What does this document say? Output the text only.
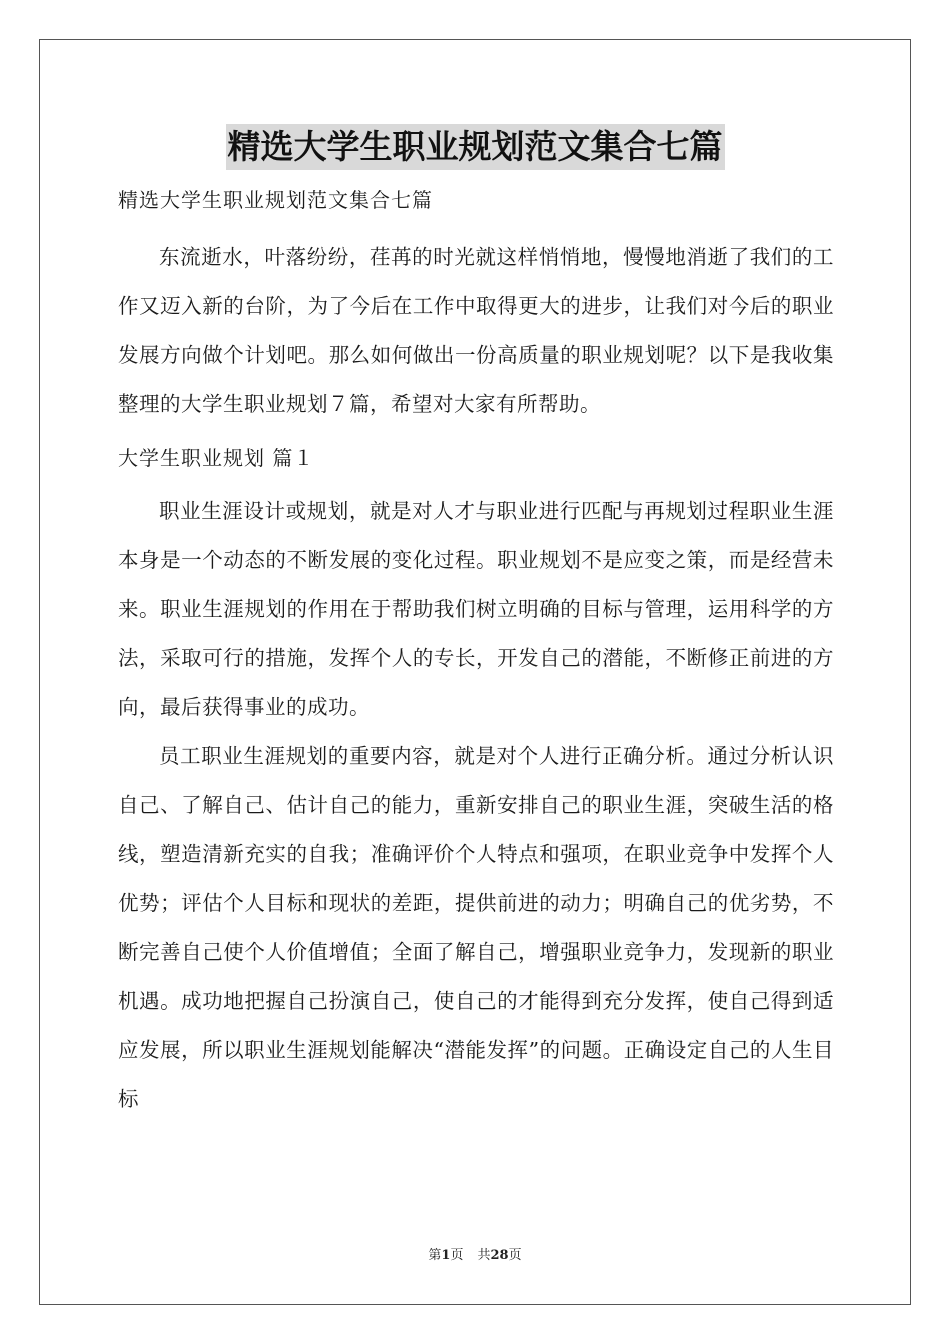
精选大学生职业规划范文集合七篇

精选大学生职业规划范文集合七篇

东流逝水，叶落纷纷，荏苒的时光就这样悄悄地，慢慢地消逝了我们的工作又迈入新的台阶，为了今后在工作中取得更大的进步，让我们对今后的职业发展方向做个计划吧。那么如何做出一份高质量的职业规划呢？以下是我收集整理的大学生职业规划７篇，希望对大家有所帮助。

大学生职业规划 篇１

职业生涯设计或规划，就是对人才与职业进行匹配与再规划过程职业生涯本身是一个动态的不断发展的变化过程。职业规划不是应变之策，而是经营未来。职业生涯规划的作用在于帮助我们树立明确的目标与管理，运用科学的方法，采取可行的措施，发挥个人的专长，开发自己的潜能，不断修正前进的方向，最后获得事业的成功。

员工职业生涯规划的重要内容，就是对个人进行正确分析。通过分析认识自己、了解自己、估计自己的能力，重新安排自己的职业生涯，突破生活的格线，塑造清新充实的自我；准确评价个人特点和强项，在职业竞争中发挥个人优势；评估个人目标和现状的差距，提供前进的动力；明确自己的优劣势，不断完善自己使个人价值增值；全面了解自己，增强职业竞争力，发现新的职业机遇。成功地把握自己扮演自己，使自己的才能得到充分发挥，使自己得到适应发展，所以职业生涯规划能解决“潜能发挥”的问题。正确设定自己的人生目标

第1页 共28页
